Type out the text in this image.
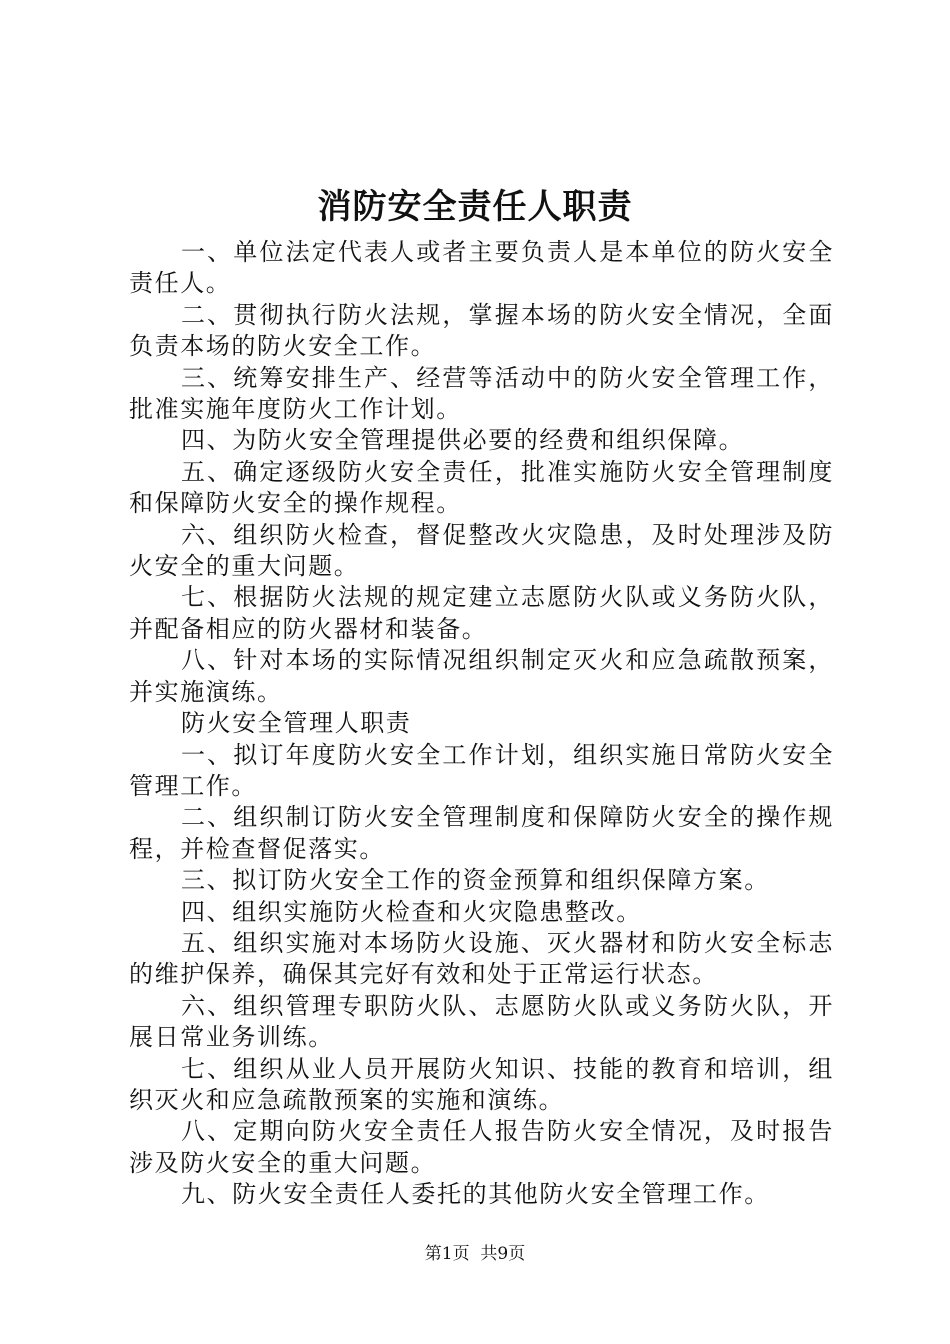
消防安全责任人职责

一、单位法定代表人或者主要负责人是本单位的防火安全责任人。

二、贯彻执行防火法规，掌握本场的防火安全情况，全面负责本场的防火安全工作。

三、统筹安排生产、经营等活动中的防火安全管理工作，批准实施年度防火工作计划。

四、为防火安全管理提供必要的经费和组织保障。

五、确定逐级防火安全责任，批准实施防火安全管理制度和保障防火安全的操作规程。

六、组织防火检查，督促整改火灾隐患，及时处理涉及防火安全的重大问题。

七、根据防火法规的规定建立志愿防火队或义务防火队，并配备相应的防火器材和装备。

八、针对本场的实际情况组织制定灭火和应急疏散预案，并实施演练。

防火安全管理人职责

一、拟订年度防火安全工作计划，组织实施日常防火安全管理工作。

二、组织制订防火安全管理制度和保障防火安全的操作规程，并检查督促落实。

三、拟订防火安全工作的资金预算和组织保障方案。

四、组织实施防火检查和火灾隐患整改。

五、组织实施对本场防火设施、灭火器材和防火安全标志的维护保养，确保其完好有效和处于正常运行状态。

六、组织管理专职防火队、志愿防火队或义务防火队，开展日常业务训练。

七、组织从业人员开展防火知识、技能的教育和培训，组织灭火和应急疏散预案的实施和演练。

八、定期向防火安全责任人报告防火安全情况，及时报告涉及防火安全的重大问题。

九、防火安全责任人委托的其他防火安全管理工作。

第1页 共9页
